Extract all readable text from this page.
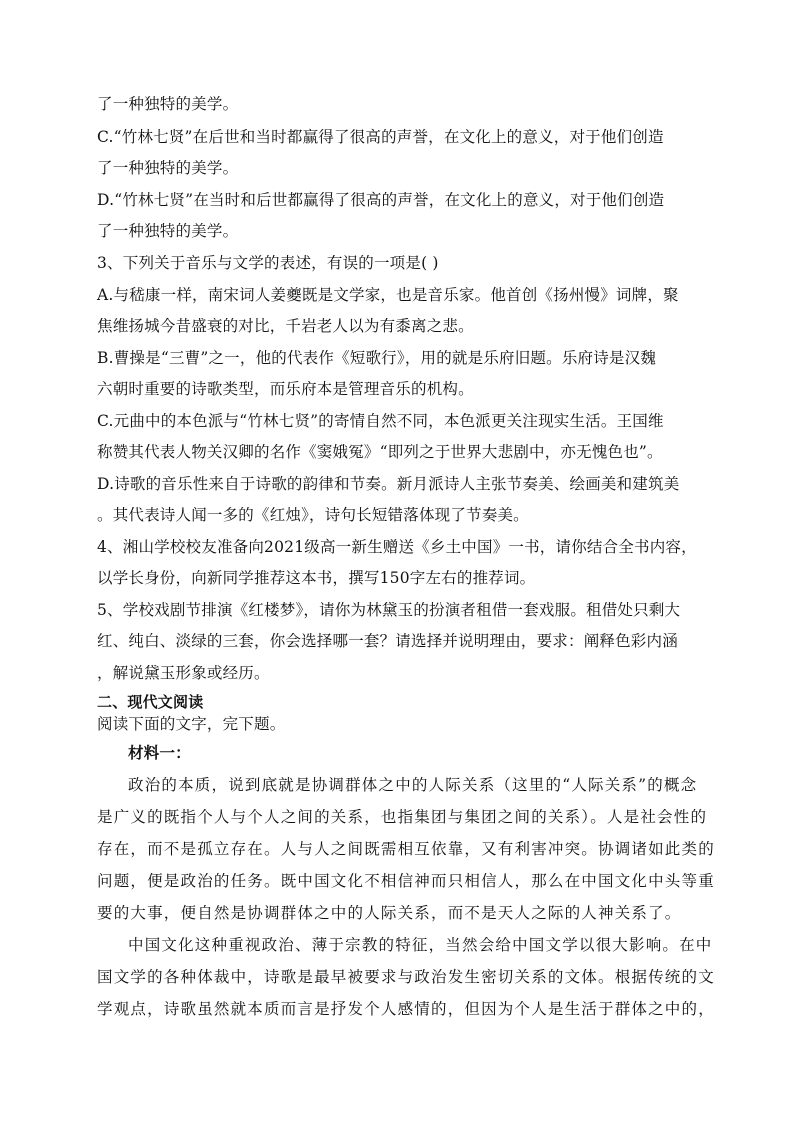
了一种独特的美学。
C.“竹林七贤”在后世和当时都赢得了很高的声誉，在文化上的意义，对于他们创造
了一种独特的美学。
D.“竹林七贤”在当时和后世都赢得了很高的声誉，在文化上的意义，对于他们创造
了一种独特的美学。
3、下列关于音乐与文学的表述，有误的一项是( )
A.与嵇康一样，南宋词人姜夔既是文学家，也是音乐家。他首创《扬州慢》词牌，聚
焦维扬城今昔盛衰的对比，千岩老人以为有黍离之悲。
B.曹操是“三曹”之一，他的代表作《短歌行》，用的就是乐府旧题。乐府诗是汉魏
六朝时重要的诗歌类型，而乐府本是管理音乐的机构。
C.元曲中的本色派与“竹林七贤”的寄情自然不同，本色派更关注现实生活。王国维
称赞其代表人物关汉卿的名作《窦娥冤》“即列之于世界大悲剧中，亦无愧色也”。
D.诗歌的音乐性来自于诗歌的韵律和节奏。新月派诗人主张节奏美、绘画美和建筑美
。其代表诗人闻一多的《红烛》，诗句长短错落体现了节奏美。
4、湘山学校校友准备向2021级高一新生赠送《乡土中国》一书，请你结合全书内容，
以学长身份，向新同学推荐这本书，撰写150字左右的推荐词。
5、学校戏剧节排演《红楼梦》，请你为林黛玉的扮演者租借一套戏服。租借处只剩大
红、纯白、淡绿的三套，你会选择哪一套？请选择并说明理由，要求：阐释色彩内涵
，解说黛玉形象或经历。
二、现代文阅读
阅读下面的文字，完下题。
材料一：
政治的本质，说到底就是协调群体之中的人际关系（这里的“人际关系”的概念
是广义的既指个人与个人之间的关系，也指集团与集团之间的关系）。人是社会性的
存在，而不是孤立存在。人与人之间既需相互依靠，又有利害冲突。协调诸如此类的
问题，便是政治的任务。既中国文化不相信神而只相信人，那么在中国文化中头等重
要的大事，便自然是协调群体之中的人际关系，而不是天人之际的人神关系了。
中国文化这种重视政治、薄于宗教的特征，当然会给中国文学以很大影响。在中
国文学的各种体裁中，诗歌是最早被要求与政治发生密切关系的文体。根据传统的文
学观点，诗歌虽然就本质而言是抒发个人感情的，但因为个人是生活于群体之中的，
